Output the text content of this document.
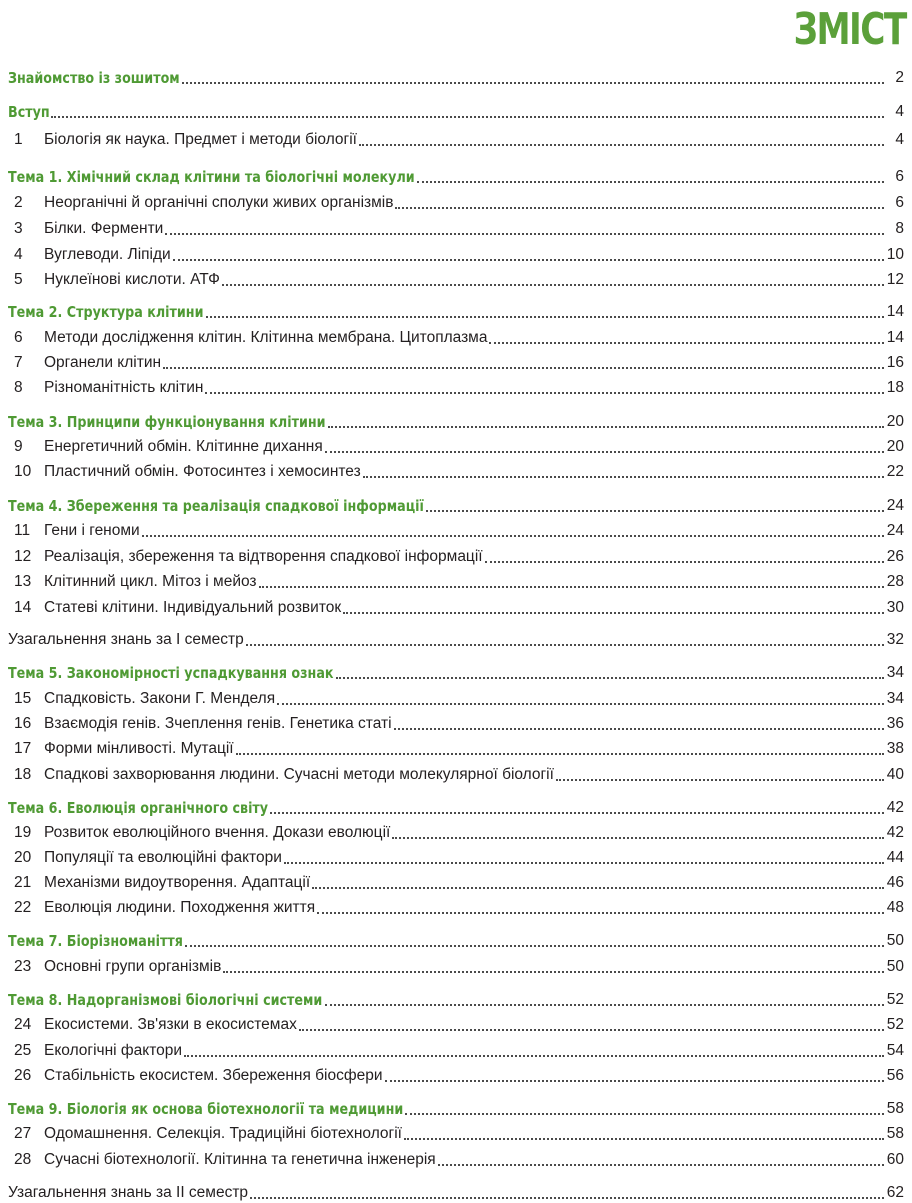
ЗМІСТ
Знайомство із зошитом	2
Вступ	4
1	Біологія як наука. Предмет і методи біології	4
Тема 1. Хімічний склад клітини та біологічні молекули	6
2	Неорганічні й органічні сполуки живих організмів	6
3	Білки. Ферменти	8
4	Вуглеводи. Ліпіди	10
5	Нуклеїнові кислоти. АТФ	12
Тема 2. Структура клітини	14
6	Методи дослідження клітин. Клітинна мембрана. Цитоплазма	14
7	Органели клітин	16
8	Різноманітність клітин	18
Тема 3. Принципи функціонування клітини	20
9	Енергетичний обмін. Клітинне дихання	20
10 Пластичний обмін. Фотосинтез і хемосинтез	22
Тема 4. Збереження та реалізація спадкової інформації	24
11 Гени і геноми	24
12 Реалізація, збереження та відтворення спадкової інформації	26
13 Клітинний цикл. Мітоз і мейоз	28
14 Статеві клітини. Індивідуальний розвиток	30
Узагальнення знань за І семестр	32
Тема 5. Закономірності успадкування ознак	34
15 Спадковість. Закони Г. Менделя	34
16 Взаємодія генів. Зчеплення генів. Генетика статі	36
17 Форми мінливості. Мутації	38
18 Спадкові захворювання людини. Сучасні методи молекулярної біології	40
Тема 6. Еволюція органічного світу	42
19 Розвиток еволюційного вчення. Докази еволюції	42
20 Популяції та еволюційні фактори	44
21 Механізми видоутворення. Адаптації	46
22 Еволюція людини. Походження життя	48
Тема 7. Біорізноманіття	50
23 Основні групи організмів	50
Тема 8. Надорганізмові біологічні системи	52
24 Екосистеми. Зв'язки в екосистемах	52
25 Екологічні фактори	54
26 Стабільність екосистем. Збереження біосфери	56
Тема 9. Біологія як основа біотехнології та медицини	58
27 Одомашнення. Селекція. Традиційні біотехнології	58
28 Сучасні біотехнології. Клітинна та генетична інженерія	60
Узагальнення знань за ІІ семестр	62
